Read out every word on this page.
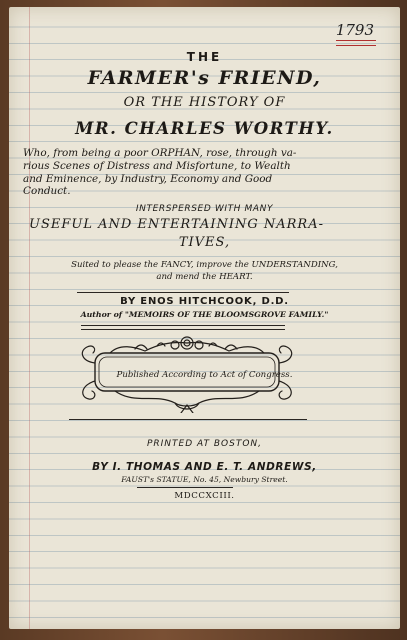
1793

THE

FARMER's FRIEND,

OR THE HISTORY OF

MR. CHARLES WORTHY.

Who, from being a poor ORPHAN, rose, through va-

rious Scenes of Distress and Misfortune, to Wealth

and Eminence, by Industry, Economy and Good

Conduct.

INTERSPERSED WITH MANY

USEFUL AND ENTERTAINING NARRA-

TIVES,

Suited to please the FANCY, improve the UNDERSTANDING,

and mend the HEART.

BY ENOS HITCHCOOK, D.D.

Author of "MEMOIRS OF THE BLOOMSGROVE FAMILY."

Published According to Act of Congress.

PRINTED AT BOSTON,

BY I. THOMAS AND E. T. ANDREWS,

FAUST's STATUE, No. 45, Newbury Street.

MDCCXCIII.
